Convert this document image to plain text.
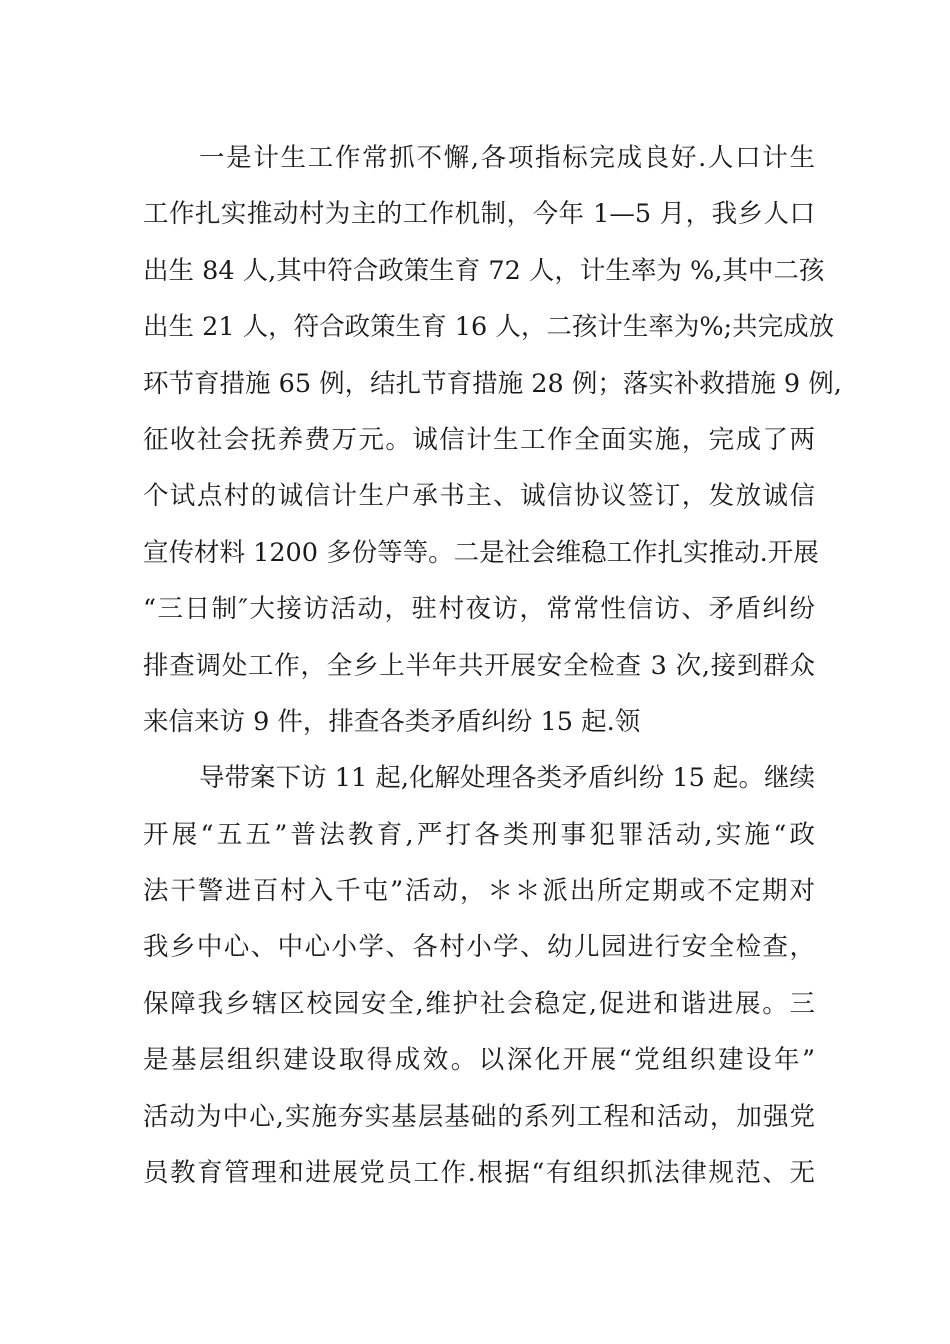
一是计生工作常抓不懈,各项指标完成良好.人口计生
工作扎实推动村为主的工作机制，今年 1—5 月，我乡人口
出生 84 人,其中符合政策生育 72 人，计生率为 %,其中二孩
出生 21 人，符合政策生育 16 人，二孩计生率为%;共完成放
环节育措施 65 例，结扎节育措施 28 例；落实补救措施 9 例,
征收社会抚养费万元。诚信计生工作全面实施，完成了两
个试点村的诚信计生户承书主、诚信协议签订，发放诚信
宣传材料 1200 多份等等。二是社会维稳工作扎实推动.开展
“三日制″大接访活动，驻村夜访，常常性信访、矛盾纠纷
排查调处工作，全乡上半年共开展安全检查 3 次,接到群众
来信来访 9 件，排查各类矛盾纠纷 15 起.领
导带案下访 11 起,化解处理各类矛盾纠纷 15 起。继续
开展“五五”普法教育,严打各类刑事犯罪活动,实施“政
法干警进百村入千屯”活动，＊＊派出所定期或不定期对
我乡中心、中心小学、各村小学、幼儿园进行安全检查，
保障我乡辖区校园安全,维护社会稳定,促进和谐进展。三
是基层组织建设取得成效。以深化开展“党组织建设年”
活动为中心,实施夯实基层基础的系列工程和活动，加强党
员教育管理和进展党员工作.根据“有组织抓法律规范、无
